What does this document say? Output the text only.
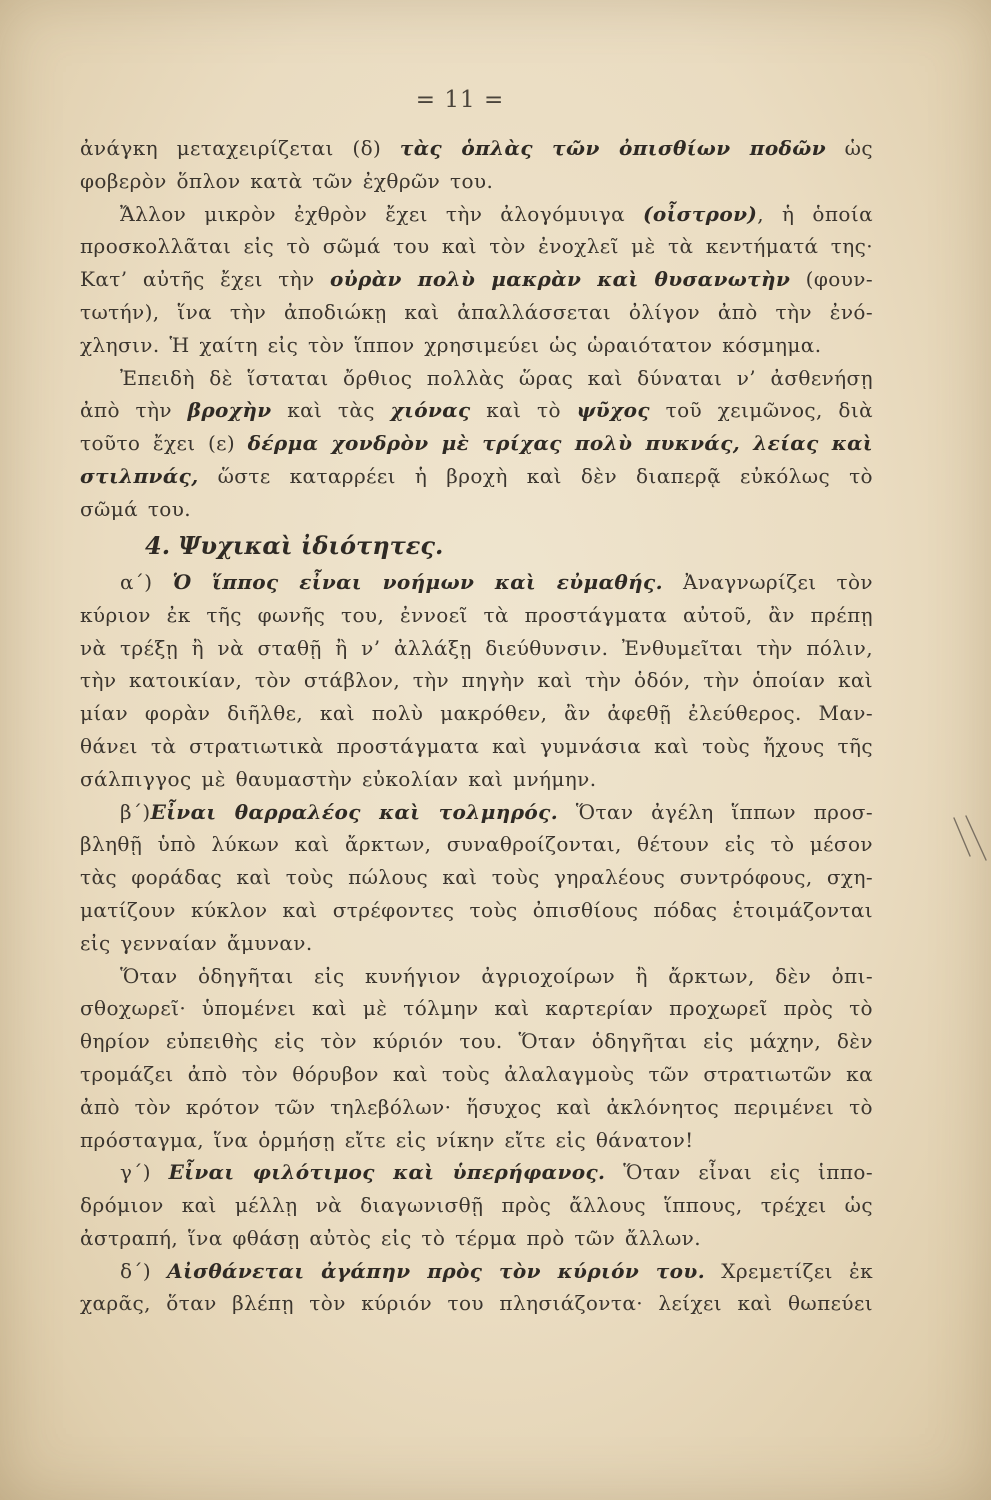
= 11 =
ἀνάγκη μεταχειρίζεται (δ) τὰς ὁπλὰς τῶν ὀπισθίων ποδῶν ὡς
φοβερὸν ὅπλον κατὰ τῶν ἐχθρῶν του.
Ἄλλον μικρὸν ἐχθρὸν ἔχει τὴν ἀλογόμυιγα (οἶστρον), ἡ ὁποία
προσκολλᾶται εἰς τὸ σῶμά του καὶ τὸν ἐνοχλεῖ μὲ τὰ κεντήματά της·
Κατ’ αὐτῆς ἔχει τὴν οὐρὰν πολὺ μακρὰν καὶ θυσανωτὴν (φουν-
τωτήν), ἵνα τὴν ἀποδιώκῃ καὶ ἀπαλλάσσεται ὀλίγον ἀπὸ τὴν ἐνό-
χλησιν. Ἡ χαίτη εἰς τὸν ἵππον χρησιμεύει ὡς ὡραιότατον κόσμημα.
Ἐπειδὴ δὲ ἵσταται ὄρθιος πολλὰς ὥρας καὶ δύναται ν’ ἀσθενήσῃ
ἀπὸ τὴν βροχὴν καὶ τὰς χιόνας καὶ τὸ ψῦχος τοῦ χειμῶνος, διὰ
τοῦτο ἔχει (ε) δέρμα χονδρὸν μὲ τρίχας πολὺ πυκνάς, λείας καὶ
στιλπνάς, ὥστε καταρρέει ἡ βροχὴ καὶ δὲν διαπερᾷ εὐκόλως τὸ
σῶμά του.
4. Ψυχικαὶ ἰδιότητες.
α΄) Ὁ ἵππος εἶναι νοήμων καὶ εὐμαθής. Ἀναγνωρίζει τὸν
κύριον ἐκ τῆς φωνῆς του, ἐννοεῖ τὰ προστάγματα αὐτοῦ, ἂν πρέπῃ
νὰ τρέξῃ ἢ νὰ σταθῇ ἢ ν’ ἀλλάξῃ διεύθυνσιν. Ἐνθυμεῖται τὴν πόλιν,
τὴν κατοικίαν, τὸν στάβλον, τὴν πηγὴν καὶ τὴν ὁδόν, τὴν ὁποίαν καὶ
μίαν φορὰν διῆλθε, καὶ πολὺ μακρόθεν, ἂν ἀφεθῇ ἐλεύθερος. Μαν-
θάνει τὰ στρατιωτικὰ προστάγματα καὶ γυμνάσια καὶ τοὺς ἤχους τῆς
σάλπιγγος μὲ θαυμαστὴν εὐκολίαν καὶ μνήμην.
β΄)Εἶναι θαρραλέος καὶ τολμηρός. Ὅταν ἀγέλη ἵππων προσ-
βληθῇ ὑπὸ λύκων καὶ ἄρκτων, συναθροίζονται, θέτουν εἰς τὸ μέσον
τὰς φοράδας καὶ τοὺς πώλους καὶ τοὺς γηραλέους συντρόφους, σχη-
ματίζουν κύκλον καὶ στρέφοντες τοὺς ὀπισθίους πόδας ἑτοιμάζονται
εἰς γενναίαν ἄμυναν.
Ὅταν ὁδηγῆται εἰς κυνήγιον ἀγριοχοίρων ἢ ἄρκτων, δὲν ὀπι-
σθοχωρεῖ· ὑπομένει καὶ μὲ τόλμην καὶ καρτερίαν προχωρεῖ πρὸς τὸ
θηρίον εὐπειθὴς εἰς τὸν κύριόν του. Ὅταν ὁδηγῆται εἰς μάχην, δὲν
τρομάζει ἀπὸ τὸν θόρυβον καὶ τοὺς ἀλαλαγμοὺς τῶν στρατιωτῶν κα
ἀπὸ τὸν κρότον τῶν τηλεβόλων· ἥσυχος καὶ ἀκλόνητος περιμένει τὸ
πρόσταγμα, ἵνα ὁρμήσῃ εἴτε εἰς νίκην εἴτε εἰς θάνατον!
γ΄) Εἶναι φιλότιμος καὶ ὑπερήφανος. Ὅταν εἶναι εἰς ἱππο-
δρόμιον καὶ μέλλῃ νὰ διαγωνισθῇ πρὸς ἄλλους ἵππους, τρέχει ὡς
ἀστραπή, ἵνα φθάσῃ αὐτὸς εἰς τὸ τέρμα πρὸ τῶν ἄλλων.
δ΄) Αἰσθάνεται ἀγάπην πρὸς τὸν κύριόν του. Χρεμετίζει ἐκ
χαρᾶς, ὅταν βλέπῃ τὸν κύριόν του πλησιάζοντα· λείχει καὶ θωπεύει
